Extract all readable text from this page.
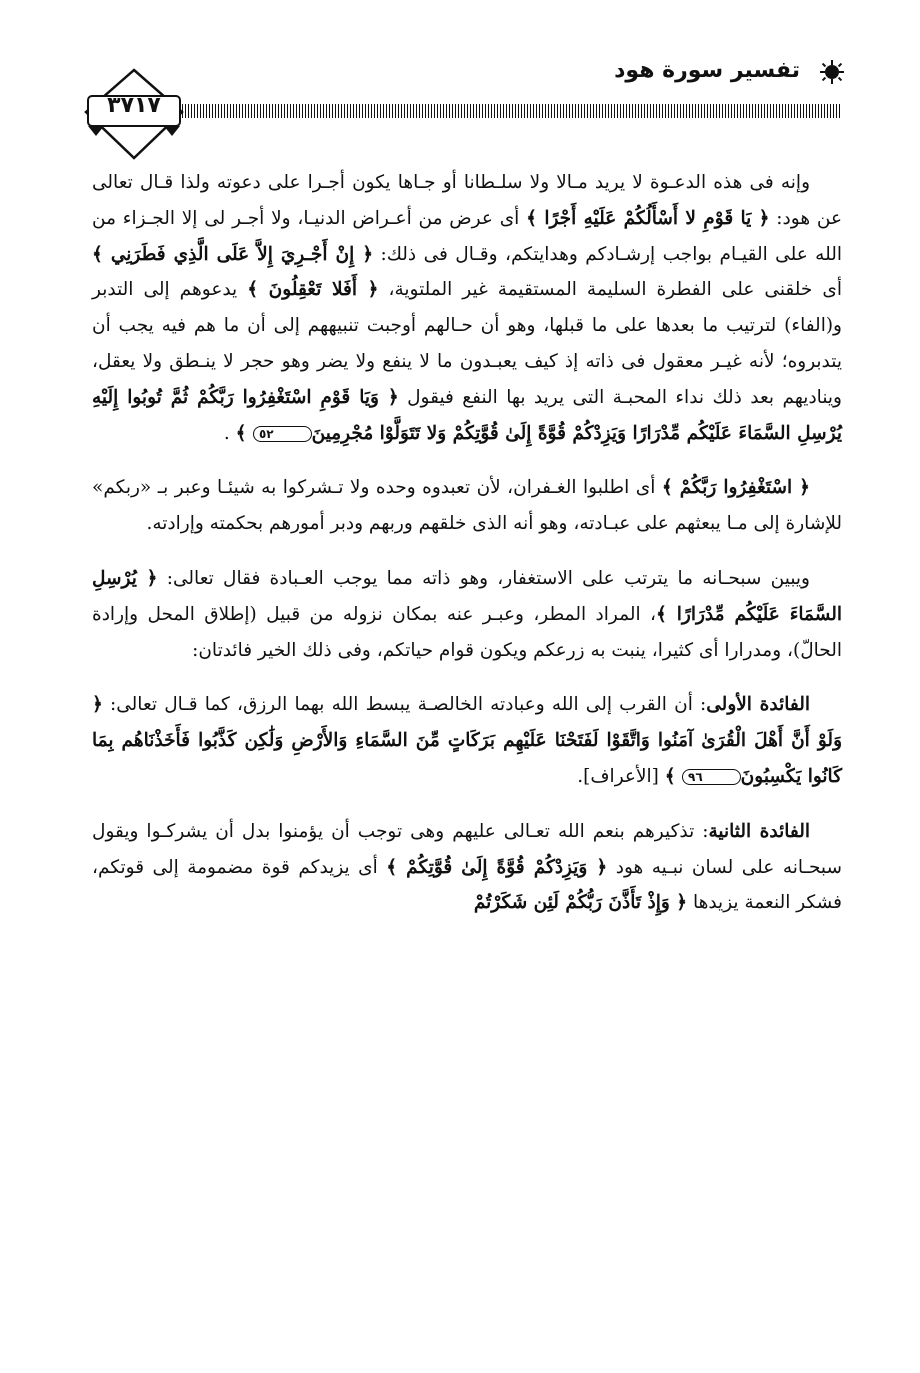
تفسير سورة هود
٣٧١٧

وإنه فى هذه الدعـوة لا يريد مـالا ولا سلـطانا أو جـاها يكون أجـرا على دعوته ولذا قـال تعالى عن هود: ﴿ يَا قَوْمِ لا أَسْأَلُكُمْ عَلَيْهِ أَجْرًا ﴾ أى عرض من أعـراض الدنيـا، ولا أجـر لى إلا الجـزاء من الله على القيـام بواجب إرشـادكم وهدايتكم، وقـال فى ذلك: ﴿ إِنْ أَجْـرِيَ إِلاَّ عَلَى الَّذِي فَطَرَنِي ﴾ أى خلقنى على الفطرة السليمة المستقيمة غير الملتوية، ﴿ أَفَلا تَعْقِلُونَ ﴾ يدعوهم إلى التدبر و(الفاء) لترتيب ما بعدها على ما قبلها، وهو أن حـالهم أوجبت تنبيههم إلى أن ما هم فيه يجب أن يتدبروه؛ لأنه غيـر معقول فى ذاته إذ كيف يعبـدون ما لا ينفع ولا يضر وهو حجر لا ينـطق ولا يعقل، ويناديهم بعد ذلك نداء المحبـة التى يريد بها النفع فيقول ﴿ وَيَا قَوْمِ اسْتَغْفِرُوا رَبَّكُمْ ثُمَّ تُوبُوا إِلَيْهِ يُرْسِلِ السَّمَاءَ عَلَيْكُم مِّدْرَارًا وَيَزِدْكُمْ قُوَّةً إِلَىٰ قُوَّتِكُمْ وَلا تَتَوَلَّوْا مُجْرِمِينَ٥٢ ﴾ .

﴿ اسْتَغْفِرُوا رَبَّكُمْ ﴾ أى اطلبوا الغـفران، لأن تعبدوه وحده ولا تـشركوا به شيئـا وعبر بـ «ربكم» للإشارة إلى مـا يبعثهم على عبـادته، وهو أنه الذى خلقهم وربهم ودبر أمورهم بحكمته وإرادته.

ويبين سبحـانه ما يترتب على الاستغفار، وهو ذاته مما يوجب العـبادة فقال تعالى: ﴿ يُرْسِلِ السَّمَاءَ عَلَيْكُم مِّدْرَارًا ﴾، المراد المطر، وعبـر عنه بمكان نزوله من قبيل (إطلاق المحل وإرادة الحالّ)، ومدرارا أى كثيرا، ينبت به زرعكم ويكون قوام حياتكم، وفى ذلك الخير فائدتان:

الفائدة الأولى: أن القرب إلى الله وعبادته الخالصـة يبسط الله بهما الرزق، كما قـال تعالى: ﴿ وَلَوْ أَنَّ أَهْلَ الْقُرَىٰ آمَنُوا وَاتَّقَوْا لَفَتَحْنَا عَلَيْهِم بَرَكَاتٍ مِّنَ السَّمَاءِ وَالأَرْضِ وَلَٰكِن كَذَّبُوا فَأَخَذْنَاهُم بِمَا كَانُوا يَكْسِبُونَ٩٦ ﴾ [الأعراف].

الفائدة الثانية: تذكيرهم بنعم الله تعـالى عليهم وهى توجب أن يؤمنوا بدل أن يشركـوا ويقول سبحـانه على لسان نبـيه هود ﴿ وَيَزِدْكُمْ قُوَّةً إِلَىٰ قُوَّتِكُمْ ﴾ أى يزيدكم قوة مضمومة إلى قوتكم، فشكر النعمة يزيدها ﴿ وَإِذْ تَأَذَّنَ رَبُّكُمْ لَئِن شَكَرْتُمْ
